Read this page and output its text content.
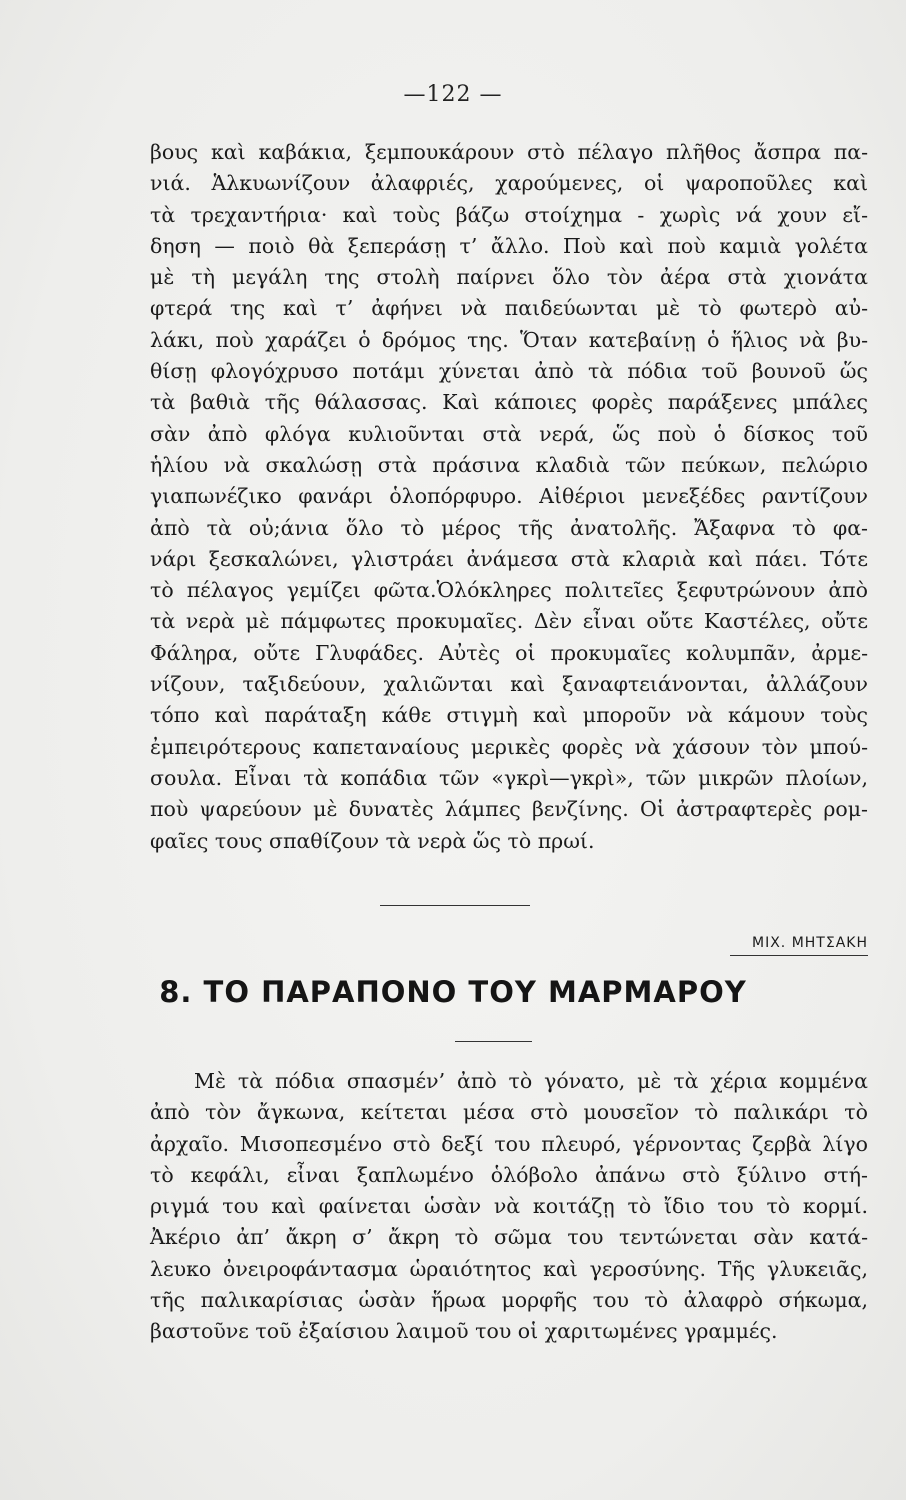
—122 —
βους καὶ καβάκια, ξεμπουκάρουν στὸ πέλαγο πλῆθος ἄσπρα πα-
νιά. Ἁλκυωνίζουν ἀλαφριές, χαρούμενες, οἱ ψαροποῦλες καὶ
τὰ τρεχαντήρια· καὶ τοὺς βάζω στοίχημα - χωρὶς νά χουν εἴ-
δηση — ποιὸ θὰ ξεπεράσῃ τ’ ἄλλο. Ποὺ καὶ ποὺ καμιὰ γολέτα
μὲ τὴ μεγάλη της στολὴ παίρνει ὅλο τὸν ἀέρα στὰ χιονάτα
φτερά της καὶ τ’ ἀφήνει νὰ παιδεύωνται μὲ τὸ φωτερὸ αὐ-
λάκι, ποὺ χαράζει ὁ δρόμος της. Ὅταν κατεβαίνῃ ὁ ἥλιος νὰ βυ-
θίσῃ φλογόχρυσο ποτάμι χύνεται ἀπὸ τὰ πόδια τοῦ βουνοῦ ὥς
τὰ βαθιὰ τῆς θάλασσας. Καὶ κάποιες φορὲς παράξενες μπάλες
σὰν ἀπὸ φλόγα κυλιοῦνται στὰ νερά, ὥς ποὺ ὁ δίσκος τοῦ
ἡλίου νὰ σκαλώσῃ στὰ πράσινα κλαδιὰ τῶν πεύκων, πελώριο
γιαπωνέζικο φανάρι ὁλοπόρφυρο. Αἰθέριοι μενεξέδες ραντίζουν
ἀπὸ τὰ οὐ;άνια ὅλο τὸ μέρος τῆς ἀνατολῆς. Ἄξαφνα τὸ φα-
νάρι ξεσκαλώνει, γλιστράει ἀνάμεσα στὰ κλαριὰ καὶ πάει. Τότε
τὸ πέλαγος γεμίζει φῶτα.Ὁλόκληρες πολιτεῖες ξεφυτρώνουν ἀπὸ
τὰ νερὰ μὲ πάμφωτες προκυμαῖες. Δὲν εἶναι οὔτε Καστέλες, οὔτε
Φάληρα, οὔτε Γλυφάδες. Αὐτὲς οἱ προκυμαῖες κολυμπᾶν, ἀρμε-
νίζουν, ταξιδεύουν, χαλιῶνται καὶ ξαναφτειάνονται, ἀλλάζουν
τόπο καὶ παράταξη κάθε στιγμὴ καὶ μποροῦν νὰ κάμουν τοὺς
ἐμπειρότερους καπεταναίους μερικὲς φορὲς νὰ χάσουν τὸν μπού-
σουλα. Εἶναι τὰ κοπάδια τῶν «γκρὶ—γκρὶ», τῶν μικρῶν πλοίων,
ποὺ ψαρεύουν μὲ δυνατὲς λάμπες βενζίνης. Οἱ ἀστραφτερὲς ρομ-
φαῖες τους σπαθίζουν τὰ νερὰ ὥς τὸ πρωί.
ΜΙΧ. ΜΗΤΣΑΚΗ
8. ΤΟ ΠΑΡΑΠΟΝΟ ΤΟΥ ΜΑΡΜΑΡΟΥ
Μὲ τὰ πόδια σπασμέν’ ἀπὸ τὸ γόνατο, μὲ τὰ χέρια κομμένα
ἀπὸ τὸν ἄγκωνα, κείτεται μέσα στὸ μουσεῖον τὸ παλικάρι τὸ
ἀρχαῖο. Μισοπεσμένο στὸ δεξί του πλευρό, γέρνοντας ζερβὰ λίγο
τὸ κεφάλι, εἶναι ξαπλωμένο ὁλόβολο ἀπάνω στὸ ξύλινο στή-
ριγμά του καὶ φαίνεται ὡσὰν νὰ κοιτάζῃ τὸ ἴδιο του τὸ κορμί.
Ἀκέριο ἀπ’ ἄκρη σ’ ἄκρη τὸ σῶμα του τεντώνεται σὰν κατά-
λευκο ὀνειροφάντασμα ὡραιότητος καὶ γεροσύνης. Τῆς γλυκειᾶς,
τῆς παλικαρίσιας ὡσὰν ἥρωα μορφῆς του τὸ ἀλαφρὸ σήκωμα,
βαστοῦνε τοῦ ἐξαίσιου λαιμοῦ του οἱ χαριτωμένες γραμμές.
